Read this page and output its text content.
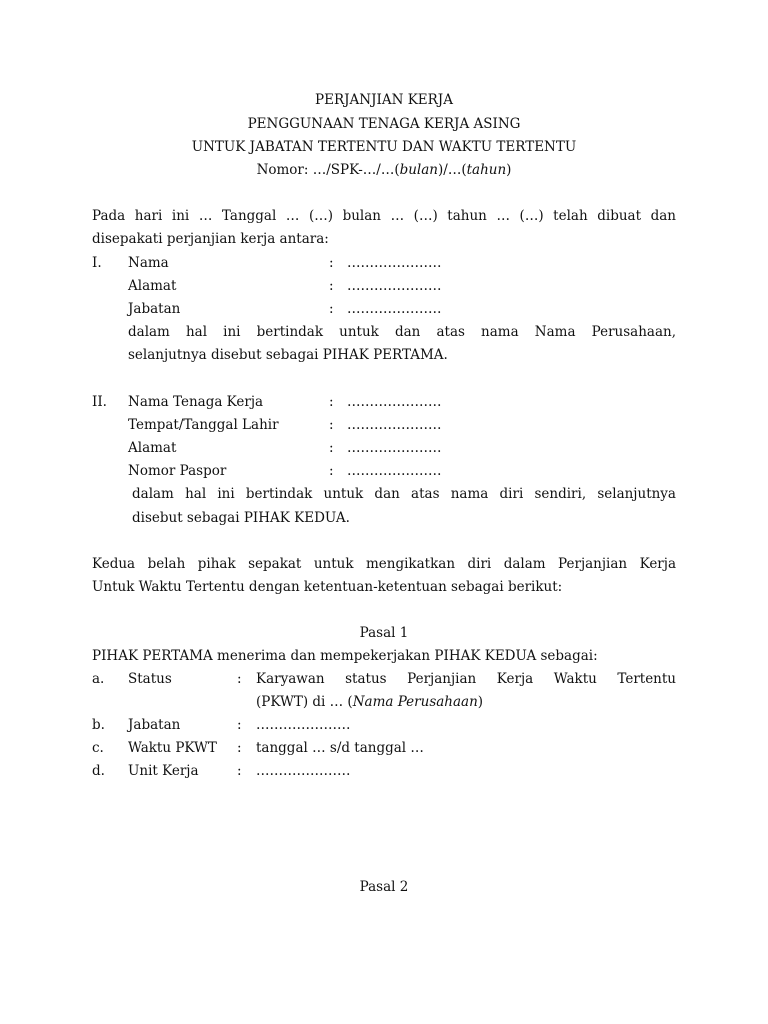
PERJANJIAN KERJA
PENGGUNAAN TENAGA KERJA ASING
UNTUK JABATAN TERTENTU DAN WAKTU TERTENTU
Nomor: …/SPK-…/…(bulan)/…(tahun)
Pada hari ini … Tanggal … (…) bulan … (…) tahun … (…) telah dibuat dan
disepakati perjanjian kerja antara:
I. Nama	: …………………
Alamat	: …………………
Jabatan	: …………………
dalam hal ini bertindak untuk dan atas nama Nama Perusahaan,
selanjutnya disebut sebagai PIHAK PERTAMA.
II. Nama Tenaga Kerja	: …………………
Tempat/Tanggal Lahir	: …………………
Alamat	: …………………
Nomor Paspor	: …………………
dalam hal ini bertindak untuk dan atas nama diri sendiri, selanjutnya
disebut sebagai PIHAK KEDUA.
Kedua belah pihak sepakat untuk mengikatkan diri dalam Perjanjian Kerja
Untuk Waktu Tertentu dengan ketentuan-ketentuan sebagai berikut:
Pasal 1
PIHAK PERTAMA menerima dan mempekerjakan PIHAK KEDUA sebagai:
a. Status	: Karyawan status Perjanjian Kerja Waktu Tertentu
(PKWT) di … (Nama Perusahaan)
b. Jabatan	: …………………
c. Waktu PKWT : tanggal … s/d tanggal …
d. Unit Kerja	: …………………
Pasal 2
